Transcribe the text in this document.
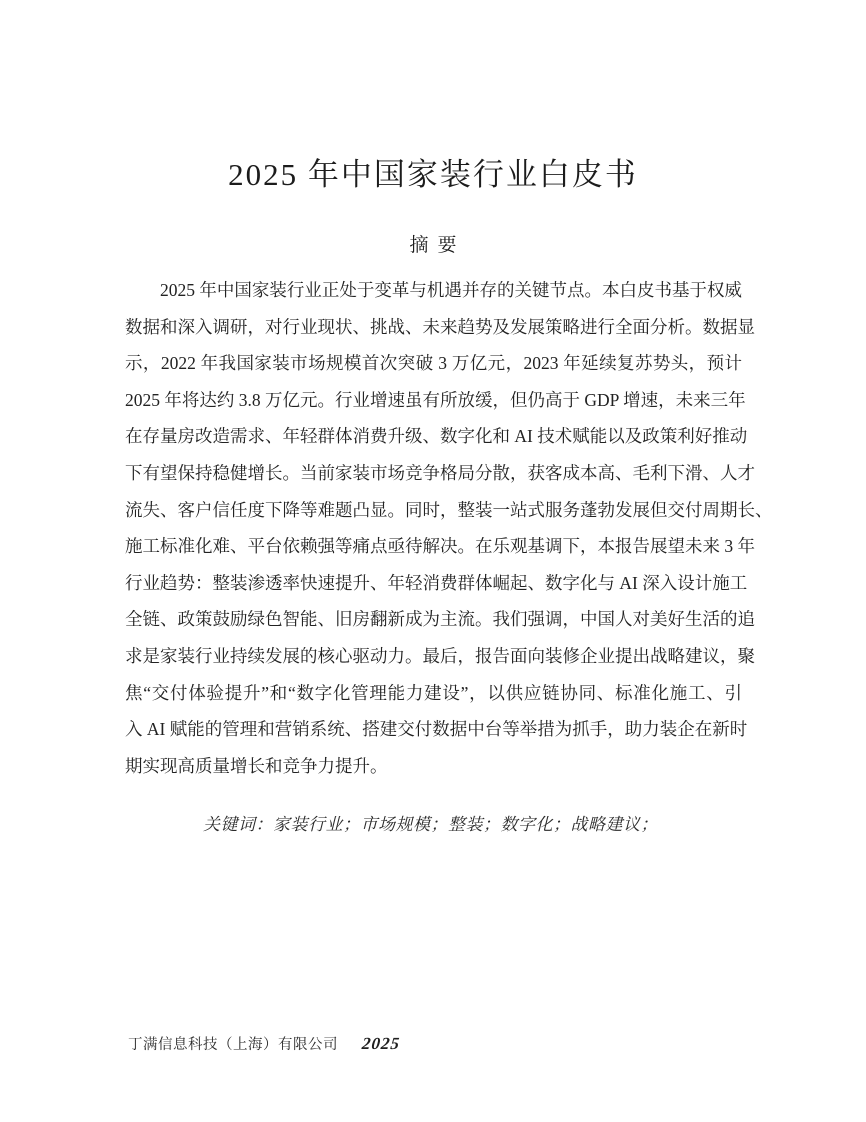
2025 年中国家装行业白皮书
摘要
2025 年中国家装行业正处于变革与机遇并存的关键节点。本白皮书基于权威
数据和深入调研，对行业现状、挑战、未来趋势及发展策略进行全面分析。数据显
示，2022 年我国家装市场规模首次突破 3 万亿元，2023 年延续复苏势头，预计
2025 年将达约 3.8 万亿元。行业增速虽有所放缓，但仍高于 GDP 增速，未来三年
在存量房改造需求、年轻群体消费升级、数字化和 AI 技术赋能以及政策利好推动
下有望保持稳健增长。当前家装市场竞争格局分散，获客成本高、毛利下滑、人才
流失、客户信任度下降等难题凸显。同时，整装一站式服务蓬勃发展但交付周期长、
施工标准化难、平台依赖强等痛点亟待解决。在乐观基调下，本报告展望未来 3 年
行业趋势：整装渗透率快速提升、年轻消费群体崛起、数字化与 AI 深入设计施工
全链、政策鼓励绿色智能、旧房翻新成为主流。我们强调，中国人对美好生活的追
求是家装行业持续发展的核心驱动力。最后，报告面向装修企业提出战略建议，聚
焦“交付体验提升”和“数字化管理能力建设”，以供应链协同、标准化施工、引
入 AI 赋能的管理和营销系统、搭建交付数据中台等举措为抓手，助力装企在新时
期实现高质量增长和竞争力提升。
关键词：家装行业；市场规模；整装；数字化；战略建议；
丁满信息科技（上海）有限公司 2025
